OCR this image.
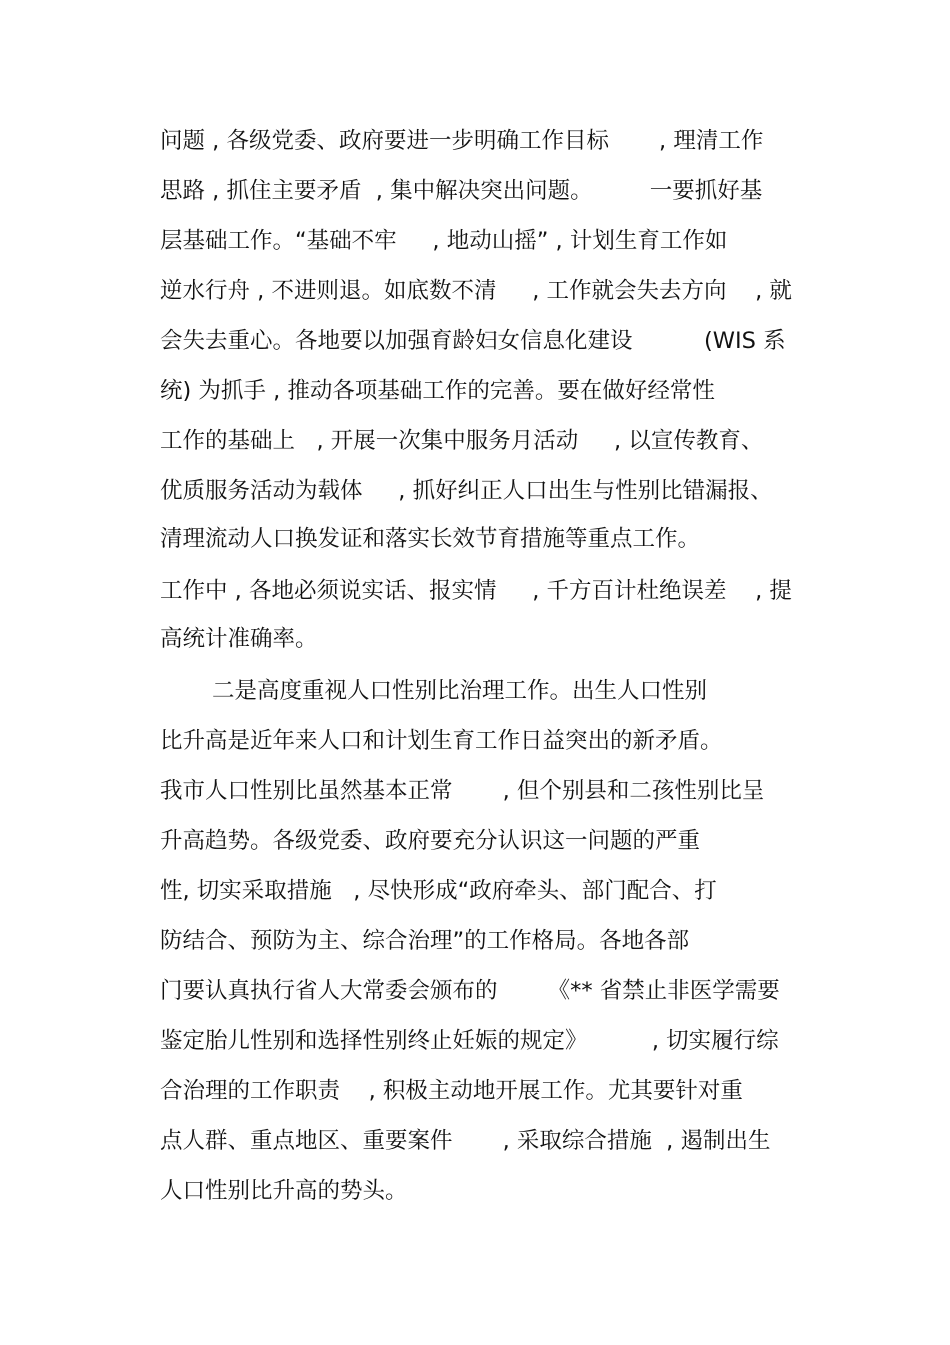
问题 , 各级党委、政府要进一步明确工作目标       , 理清工作
思路 , 抓住主要矛盾  , 集中解决突出问题。        一要抓好基
层基础工作。“基础不牢     , 地动山摇” , 计划生育工作如
逆水行舟 , 不进则退。如底数不清     , 工作就会失去方向    , 就
会失去重心。各地要以加强育龄妇女信息化建设          (WIS 系
统) 为抓手 , 推动各项基础工作的完善。要在做好经常性
工作的基础上   , 开展一次集中服务月活动     , 以宣传教育、
优质服务活动为载体     , 抓好纠正人口出生与性别比错漏报、
清理流动人口换发证和落实长效节育措施等重点工作。
工作中 , 各地必须说实话、报实情     , 千方百计杜绝误差    , 提
高统计准确率。
二是高度重视人口性别比治理工作。出生人口性别
比升高是近年来人口和计划生育工作日益突出的新矛盾。
我市人口性别比虽然基本正常       , 但个别县和二孩性别比呈
升高趋势。各级党委、政府要充分认识这一问题的严重
性, 切实采取措施   , 尽快形成“政府牵头、部门配合、打
防结合、预防为主、综合治理”的工作格局。各地各部
门要认真执行省人大常委会颁布的       《** 省禁止非医学需要
鉴定胎儿性别和选择性别终止妊娠的规定》         , 切实履行综
合治理的工作职责    , 积极主动地开展工作。尤其要针对重
点人群、重点地区、重要案件       , 采取综合措施  , 遏制出生
人口性别比升高的势头。
